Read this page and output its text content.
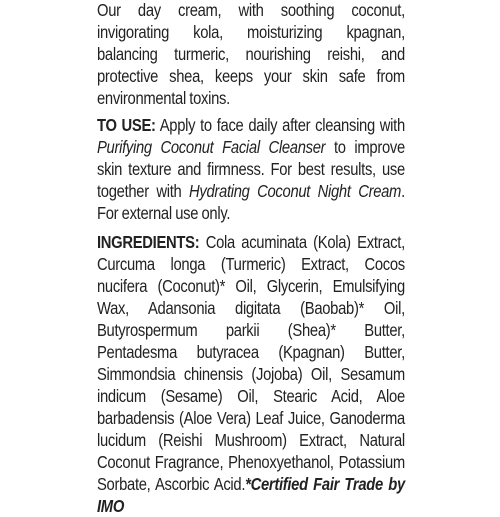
Our day cream, with soothing coconut, invigorating kola, moisturizing kpagnan, balancing turmeric, nourishing reishi, and protective shea, keeps your skin safe from environmental toxins.

TO USE: Apply to face daily after cleansing with Purifying Coconut Facial Cleanser to improve skin texture and firmness. For best results, use together with Hydrating Coconut Night Cream. For external use only.

INGREDIENTS: Cola acuminata (Kola) Extract, Curcuma longa (Turmeric) Extract, Cocos nucifera (Coconut)* Oil, Glycerin, Emulsifying Wax, Adansonia digitata (Baobab)* Oil, Butyrospermum parkii (Shea)* Butter, Pentadesma butyracea (Kpagnan) Butter, Simmondsia chinensis (Jojoba) Oil, Sesamum indicum (Sesame) Oil, Stearic Acid, Aloe barbadensis (Aloe Vera) Leaf Juice, Ganoderma lucidum (Reishi Mushroom) Extract, Natural Coconut Fragrance, Phenoxyethanol, Potassium Sorbate, Ascorbic Acid.*Certified Fair Trade by IMO
